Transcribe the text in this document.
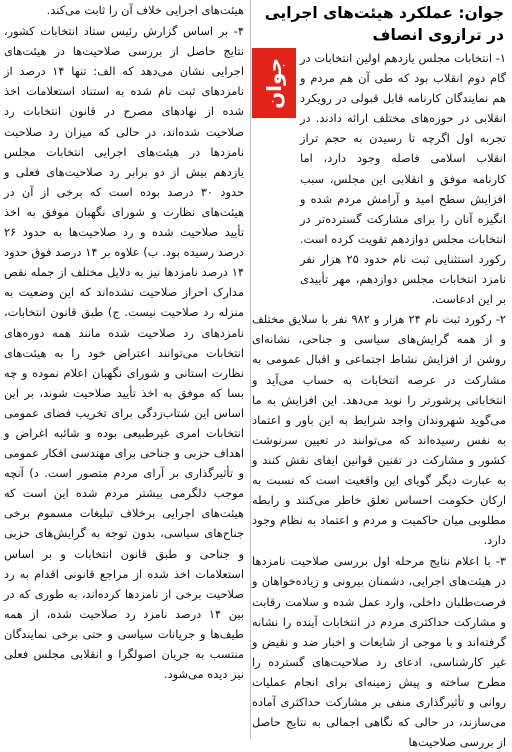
جوان: عملکرد هیئت‌های اجرایی در ترازوی انصاف
جوان ۱- انتخابات مجلس یازدهم اولین انتخابات در گام دوم انقلاب بود که طی آن هم مردم و هم نمایندگان کارنامه قابل قبولی در رویکرد انقلابی در حوزه‌های مختلف ارائه دادند. در تجربه اول اگرچه تا رسیدن به حجم تراز انقلاب اسلامی فاصله وجود دارد، اما کارنامه موفق و انقلابی این مجلس، سبب افزایش سطح امید و آرامش مردم شده و انگیزه آنان را برای مشارکت گسترده‌تر در انتخابات مجلس دوازدهم تقویت کرده است. رکورد استثنایی ثبت نام حدود ۲۵ هزار نفر نامزد انتخابات مجلس دوازدهم، مهر تأییدی بر این ادعاست.

۲- رکورد ثبت نام ۲۴ هزار و ۹۸۲ نفر با سلایق مختلف و از همه گرایش‌های سیاسی و جناحی، نشانه‌ای روشن از افزایش نشاط اجتماعی و اقبال عمومی به مشارکت در عرصه انتخابات به حساب می‌آید و انتخاباتی پرشورتر را نوید می‌دهد. این افزایش به ما می‌گوید شهروندان واجد شرایط به این باور و اعتماد به نفس رسیده‌اند که می‌توانند در تعیین سرنوشت کشور و مشارکت در تقنین قوانین ایفای نقش کنند و به عبارت دیگر گویای این واقعیت است که نسبت به ارکان حکومت احساس تعلق خاطر می‌کنند و رابطه مطلوبی میان حاکمیت و مردم و اعتماد به نظام وجود دارد.

۳- با اعلام نتایج مرحله اول بررسی صلاحیت نامزدها در هیئت‌های اجرایی، دشمنان بیرونی و زیاده‌خواهان و فرصت‌طلبان داخلی، وارد عمل شده و سلامت رقابت و مشارکت حداکثری مردم در انتخابات آینده را نشانه گرفته‌اند و با موجی از شایعات و اخبار ضد و نقیض و غیر کارشناسی، ادعای رد صلاحیت‌های گسترده را مطرح ساخته و پیش زمینه‌ای برای انجام عملیات روانی و تأثیرگذاری منفی بر مشارکت حداکثری آماده می‌سازند، در حالی که نگاهی اجمالی به نتایج حاصل از بررسی صلاحیت‌ها

هیئت‌های اجرایی خلاف آن را ثابت می‌کند.

۴- بر اساس گزارش رئیس ستاد انتخابات کشور، نتایج حاصل از بررسی صلاحیت‌ها در هیئت‌های اجرایی نشان می‌دهد که الف: تنها ۱۴ درصد از نامزدهای ثبت نام شده به استناد استعلامات اخذ شده از نهادهای مصرح در قانون انتخابات رد صلاحیت شده‌اند، در حالی که میزان رد صلاحیت نامزدها در هیئت‌های اجرایی انتخابات مجلس یازدهم بیش از دو برابر رد صلاحیت‌های فعلی و حدود ۳۰ درصد بوده است که برخی از آن در هیئت‌های نظارت و شورای نگهبان موفق به اخذ تأیید صلاحیت شده و رد صلاحیت‌ها به حدود ۲۶ درصد رسیده بود. ب) علاوه بر ۱۴ درصد فوق حدود ۱۴ درصد نامزدها نیز به دلایل مختلف از جمله نقص مدارک احراز صلاحیت نشده‌اند که این وضعیت به منزله رد صلاحیت نیست. ج) طبق قانون انتخابات، نامزدهای رد صلاحیت شده مانند همه دوره‌های انتخابات می‌توانند اعتراض خود را به هیئت‌های نظارت استانی و شورای نگهبان اعلام نموده و چه بسا که موفق به اخذ تأیید صلاحیت شوند، بر این اساس این شتاب‌زدگی برای تخریب فضای عمومی انتخابات امری غیرطبیعی بوده و شائبه اغراض و اهداف حزبی و جناحی برای مهندسی افکار عمومی و تأثیرگذاری بر آرای مردم متصور است. د) آنچه موجب دلگرمی بیشتر مردم شده این است که هیئت‌های اجرایی برخلاف تبلیغات مسموم برخی جناح‌های سیاسی، بدون توجه به گرایش‌های حزبی و جناحی و طبق قانون انتخابات و بر اساس استعلامات اخذ شده از مراجع قانونی اقدام به رد صلاحیت برخی از نامزدها کرده‌اند، به طوری که در بین ۱۴ درصد نامزد رد صلاحیت شده، از همه طیف‌ها و جریانات سیاسی و حتی برخی نمایندگان منتسب به جریان اصولگرا و انقلابی مجلس فعلی نیز دیده می‌شود.
